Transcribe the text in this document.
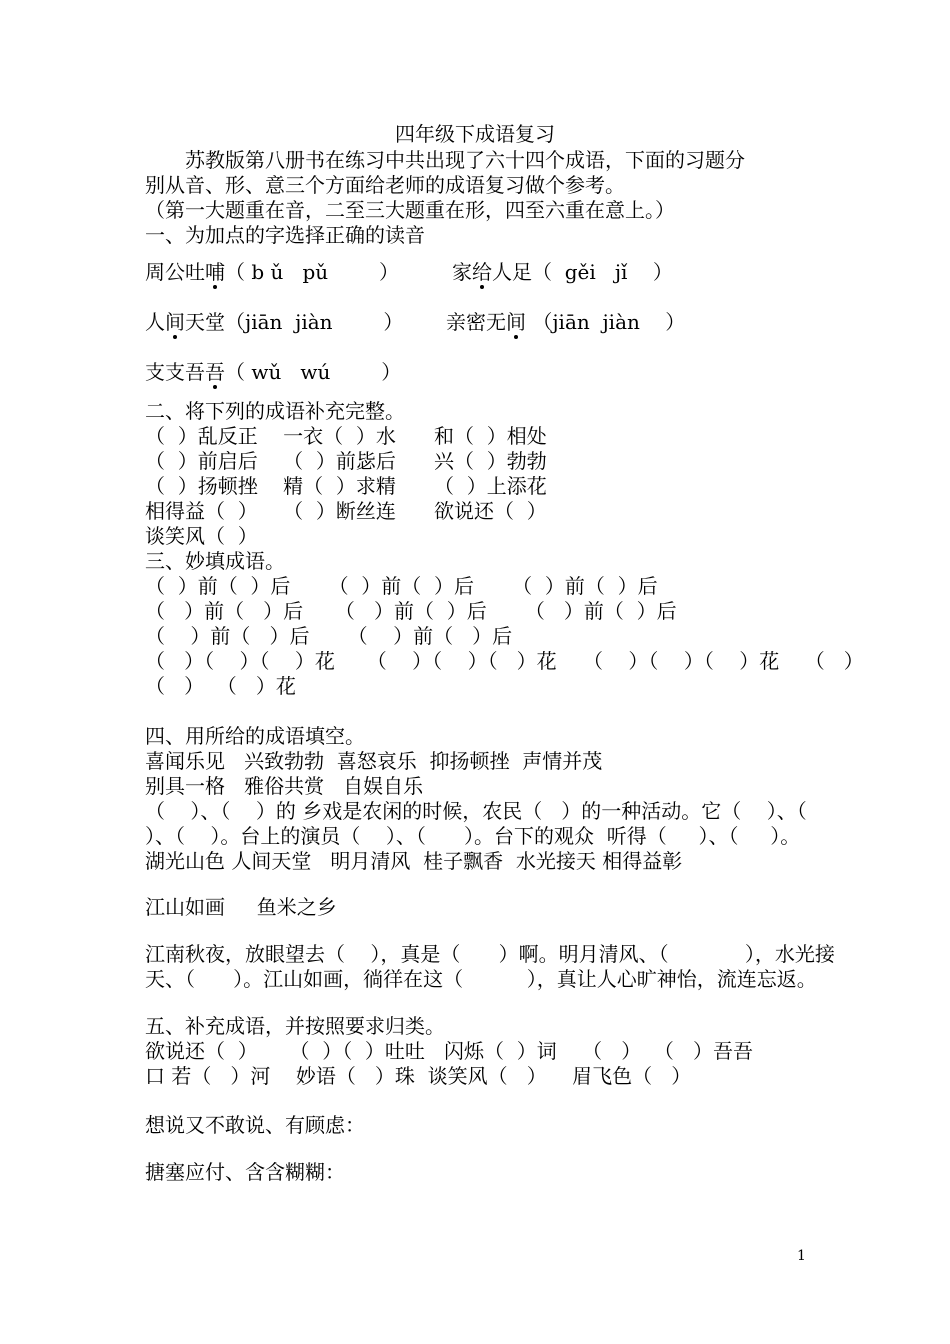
四年级下成语复习
苏教版第八册书在练习中共出现了六十四个成语，下面的习题分
别从音、形、意三个方面给老师的成语复习做个参考。
（第一大题重在音，二至三大题重在形，四至六重在意上。）
一、为加点的字选择正确的读音
周公吐哺（ b ǔ   pǔ        ）	家给人足（  gěi   jǐ    ）
人间天堂（jiān  jiàn        ） 亲密无间 （jiān  jiàn    ）
支支吾吾（ wǔ   wú        ）
二、将下列的成语补充完整。
（  ）乱反正    一衣（  ）水      和（  ）相处
（  ）前启后    （  ）前毖后      兴（  ）勃勃
（  ）扬顿挫    精（  ）求精      （  ）上添花
相得益（  ）    （  ）断丝连      欲说还（  ）
谈笑风（  ）
三、妙填成语。
（  ）前（  ）后      （  ）前（  ）后      （  ）前（  ）后
（   ）前（   ）后     （   ）前（  ）后      （   ）前（  ）后
（    ）前（   ）后      （    ）前（   ）后
（   ）（    ）（    ）花     （    ）（    ）（   ）花 （    ）（    ）（    ）花    （   ）
（   ）  （   ）花
四、用所给的成语填空。
喜闻乐见   兴致勃勃  喜怒哀乐  抑扬顿挫  声情并茂
别具一格   雅俗共赏   自娱自乐
（    ）、（    ）的 乡戏是农闲的时候，农民（   ）的一种活动。它（    ）、（
）、（    ）。台上的演员（    ）、（      ）。台下的观众  听得（     ）、（     ）。
湖光山色 人间天堂   明月清风  桂子飘香  水光接天 相得益彰
江山如画     鱼米之乡
江南秋夜，放眼望去（    ），真是（      ）啊。明月清风、（            ），水光接
天、（      ）。江山如画，徜徉在这（          ），真让人心旷神怡，流连忘返。
五、补充成语，并按照要求归类。
欲说还（  ）     （  ）（  ）吐吐   闪烁（  ）词    （   ）  （   ）吾吾
口 若（   ）河    妙语（   ）珠  谈笑风（   ）    眉飞色（   ）
想说又不敢说、有顾虑：
搪塞应付、含含糊糊：
1
